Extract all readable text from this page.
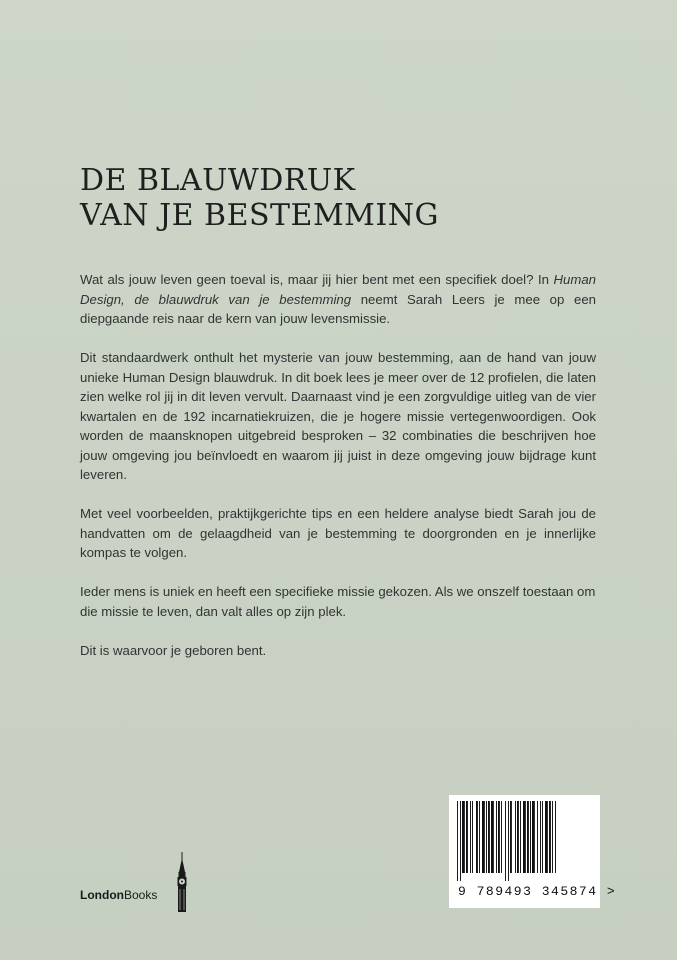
DE BLAUWDRUK
VAN JE BESTEMMING

Wat als jouw leven geen toeval is, maar jij hier bent met een specifiek doel? In Human Design, de blauwdruk van je bestemming neemt Sarah Leers je mee op een diepgaande reis naar de kern van jouw levensmissie.

Dit standaardwerk onthult het mysterie van jouw bestemming, aan de hand van jouw unieke Human Design blauwdruk. In dit boek lees je meer over de 12 profielen, die laten zien welke rol jij in dit leven vervult. Daarnaast vind je een zorgvuldige uitleg van de vier kwartalen en de 192 incarnatiekruizen, die je hogere missie vertegenwoordigen. Ook worden de maansknopen uitgebreid besproken – 32 combinaties die beschrijven hoe jouw omgeving jou beïnvloedt en waarom jij juist in deze omgeving jouw bijdrage kunt leveren.

Met veel voorbeelden, praktijkgerichte tips en een heldere analyse biedt Sarah jou de handvatten om de gelaagdheid van je bestemming te doorgronden en je innerlijke kompas te volgen.

Ieder mens is uniek en heeft een specifieke missie gekozen. Als we onszelf toestaan om die missie te leven, dan valt alles op zijn plek.

Dit is waarvoor je geboren bent.

LondonBooks	9 789493 345874 >
